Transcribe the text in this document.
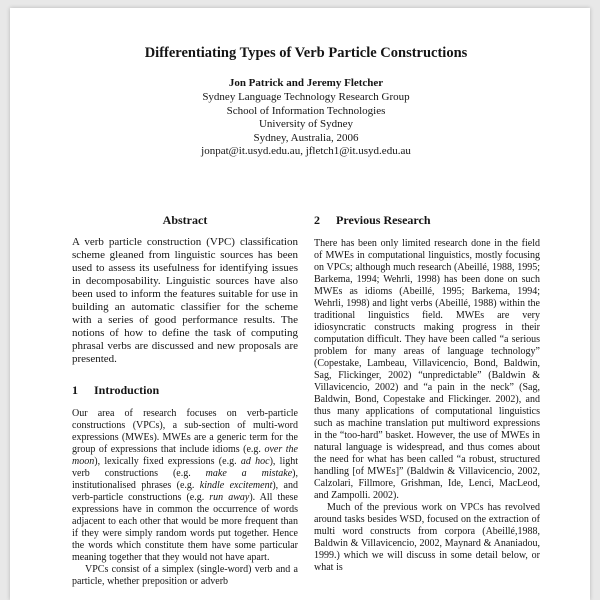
Differentiating Types of Verb Particle Constructions
Jon Patrick and Jeremy Fletcher
Sydney Language Technology Research Group
School of Information Technologies
University of Sydney
Sydney, Australia, 2006
jonpat@it.usyd.edu.au, jfletch1@it.usyd.edu.au
Abstract

A verb particle construction (VPC) classification scheme gleaned from linguistic sources has been used to assess its usefulness for identifying issues in decomposability. Linguistic sources have also been used to inform the features suitable for use in building an automatic classifier for the scheme with a series of good performance results. The notions of how to define the task of computing phrasal verbs are discussed and new proposals are presented.

1	Introduction

Our area of research focuses on verb-particle constructions (VPCs), a sub-section of multi-word expressions (MWEs). MWEs are a generic term for the group of expressions that include idioms (e.g. over the moon), lexically fixed expressions (e.g. ad hoc), light verb constructions (e.g. make a mistake), institutionalised phrases (e.g. kindle excitement), and verb-particle constructions (e.g. run away). All these expressions have in common the occurrence of words adjacent to each other that would be more frequent than if they were simply random words put together. Hence the words which constitute them have some particular meaning together that they would not have apart.

VPCs consist of a simplex (single-word) verb and a particle, whether preposition or adverb

2	Previous Research

There has been only limited research done in the field of MWEs in computational linguistics, mostly focusing on VPCs; although much research (Abeillé, 1988, 1995; Barkema, 1994; Wehrli, 1998) has been done on such MWEs as idioms (Abeillé, 1995; Barkema, 1994; Wehrli, 1998) and light verbs (Abeillé, 1988) within the traditional linguistics field. MWEs are very idiosyncratic constructs making progress in their computation difficult. They have been called “a serious problem for many areas of language technology” (Copestake, Lambeau, Villavicencio, Bond, Baldwin, Sag, Flickinger, 2002) “unpredictable” (Baldwin & Villavicencio, 2002) and “a pain in the neck” (Sag, Baldwin, Bond, Copestake and Flickinger. 2002), and thus many applications of computational linguistics such as machine translation put multiword expressions in the “too-hard” basket. However, the use of MWEs in natural language is widespread, and thus comes about the need for what has been called “a robust, structured handling [of MWEs]” (Baldwin & Villavicencio, 2002, Calzolari, Fillmore, Grishman, Ide, Lenci, MacLeod, and Zampolli. 2002).

Much of the previous work on VPCs has revolved around tasks besides WSD, focused on the extraction of multi word constructs from corpora (Abeillé,1988, Baldwin & Villavicencio, 2002, Maynard & Ananiadou, 1999.) which we will discuss in some detail below, or what is
